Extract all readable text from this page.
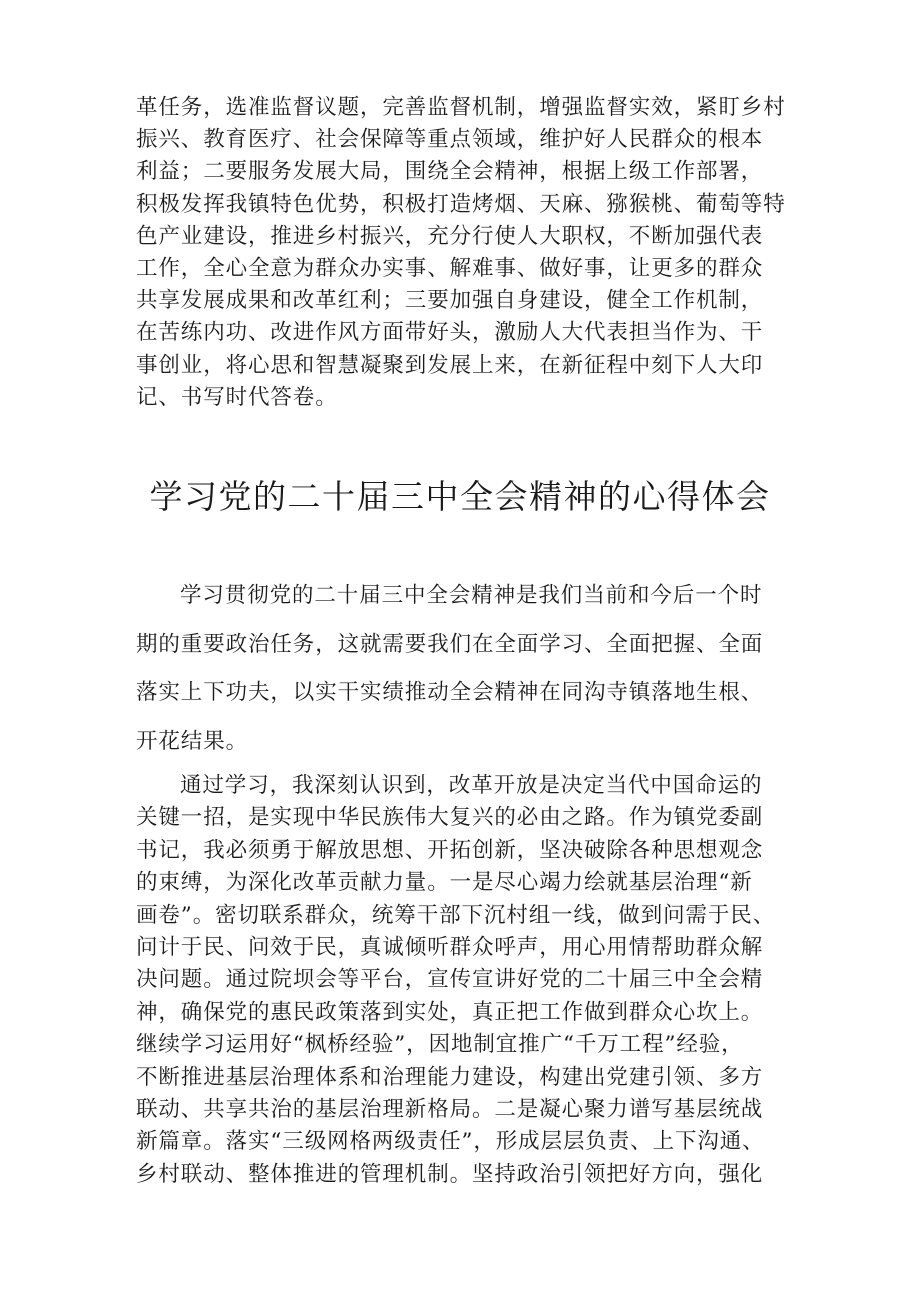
革任务，选准监督议题，完善监督机制，增强监督实效，紧盯乡村
振兴、教育医疗、社会保障等重点领域，维护好人民群众的根本
利益；二要服务发展大局，围绕全会精神，根据上级工作部署，
积极发挥我镇特色优势，积极打造烤烟、天麻、猕猴桃、葡萄等特
色产业建设，推进乡村振兴，充分行使人大职权，不断加强代表
工作，全心全意为群众办实事、解难事、做好事，让更多的群众
共享发展成果和改革红利；三要加强自身建设，健全工作机制，
在苦练内功、改进作风方面带好头，激励人大代表担当作为、干
事创业，将心思和智慧凝聚到发展上来，在新征程中刻下人大印
记、书写时代答卷。
学习党的二十届三中全会精神的心得体会
学习贯彻党的二十届三中全会精神是我们当前和今后一个时
期的重要政治任务，这就需要我们在全面学习、全面把握、全面
落实上下功夫，以实干实绩推动全会精神在同沟寺镇落地生根、
开花结果。
通过学习，我深刻认识到，改革开放是决定当代中国命运的
关键一招，是实现中华民族伟大复兴的必由之路。作为镇党委副
书记，我必须勇于解放思想、开拓创新，坚决破除各种思想观念
的束缚，为深化改革贡献力量。一是尽心竭力绘就基层治理“新
画卷”。密切联系群众，统筹干部下沉村组一线，做到问需于民、
问计于民、问效于民，真诚倾听群众呼声，用心用情帮助群众解
决问题。通过院坝会等平台，宣传宣讲好党的二十届三中全会精
神，确保党的惠民政策落到实处，真正把工作做到群众心坎上。
继续学习运用好“枫桥经验”，因地制宜推广“千万工程”经验，
不断推进基层治理体系和治理能力建设，构建出党建引领、多方
联动、共享共治的基层治理新格局。二是凝心聚力谱写基层统战
新篇章。落实“三级网格两级责任”，形成层层负责、上下沟通、
乡村联动、整体推进的管理机制。坚持政治引领把好方向，强化
